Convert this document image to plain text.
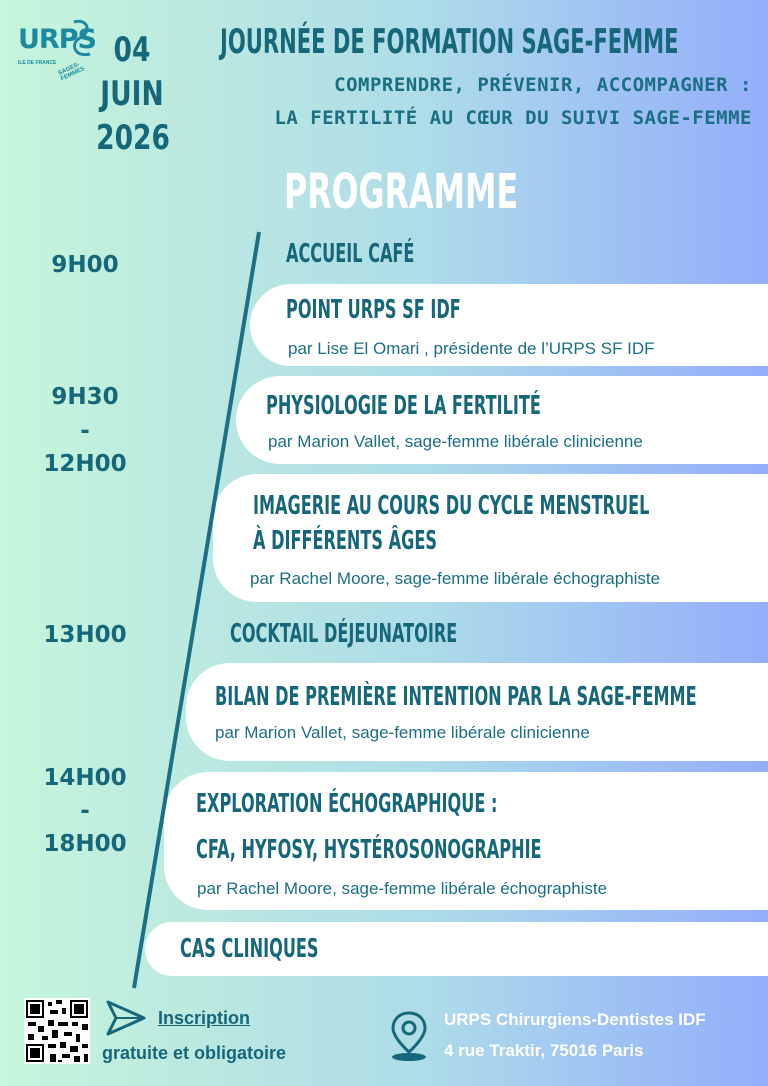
URPS
ILE DE FRANCE SAGES-FEMMES
04
JUIN
2026
JOURNÉE DE FORMATION SAGE-FEMME
COMPRENDRE, PRÉVENIR, ACCOMPAGNER :
LA FERTILITÉ AU CŒUR DU SUIVI SAGE-FEMME
PROGRAMME
9H00
9H30
-
12H00
13H00
14H00
-
18H00
ACCUEIL CAFÉ
POINT URPS SF IDF
par Lise El Omari , présidente de l’URPS SF IDF
PHYSIOLOGIE DE LA FERTILITÉ
par Marion Vallet, sage-femme libérale clinicienne
IMAGERIE AU COURS DU CYCLE MENSTRUEL
À DIFFÉRENTS ÂGES
par Rachel Moore, sage-femme libérale échographiste
COCKTAIL DÉJEUNATOIRE
BILAN DE PREMIÈRE INTENTION PAR LA SAGE-FEMME
par Marion Vallet, sage-femme libérale clinicienne
EXPLORATION ÉCHOGRAPHIQUE :
CFA, HYFOSY, HYSTÉROSONOGRAPHIE
par Rachel Moore, sage-femme libérale échographiste
CAS CLINIQUES
Inscription
gratuite et obligatoire
URPS Chirurgiens-Dentistes IDF
4 rue Traktir, 75016 Paris
